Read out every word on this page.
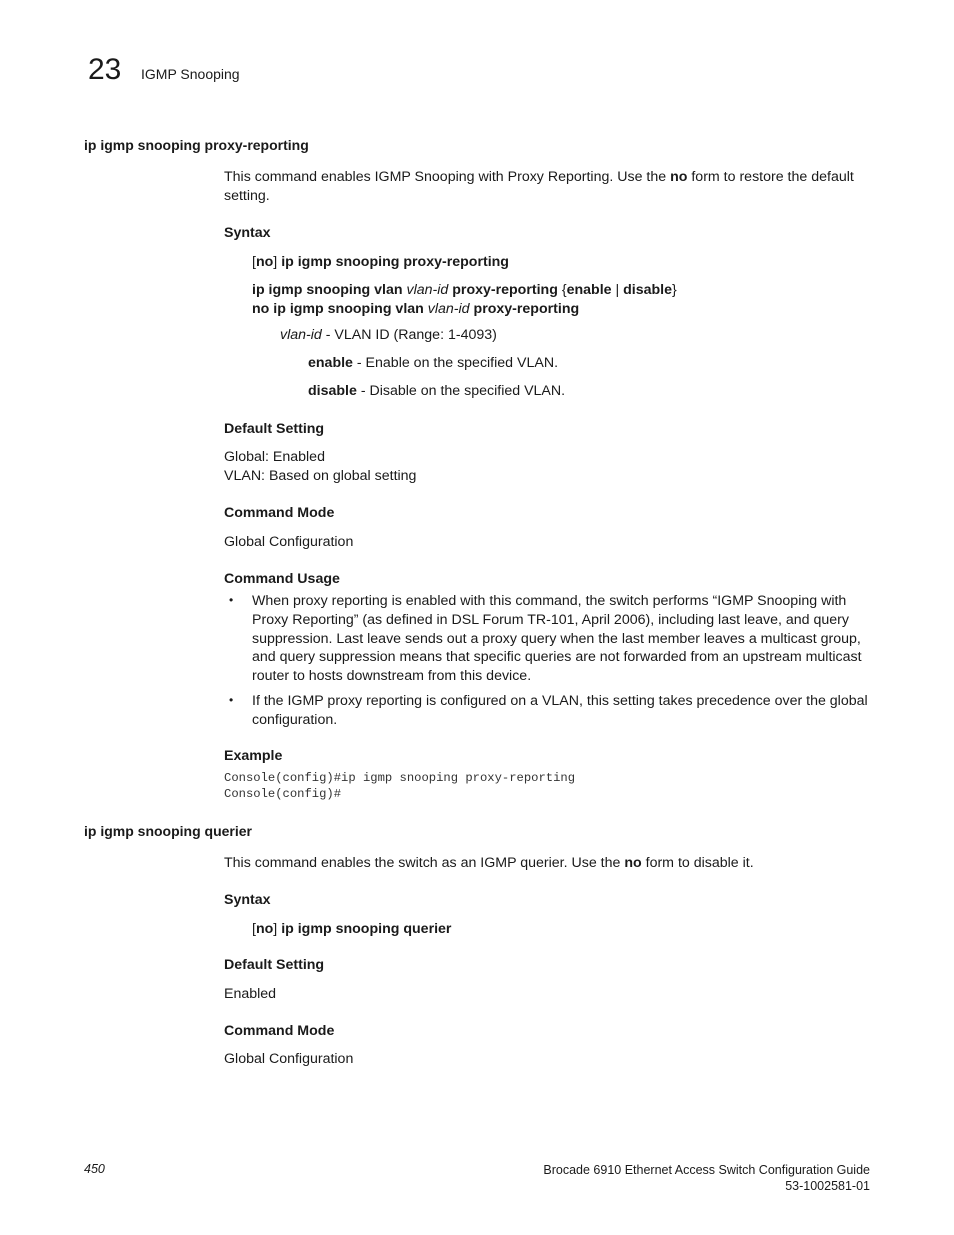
23 IGMP Snooping
ip igmp snooping proxy-reporting
This command enables IGMP Snooping with Proxy Reporting. Use the no form to restore the default
setting.
Syntax
[no] ip igmp snooping proxy-reporting
ip igmp snooping vlan vlan-id proxy-reporting {enable | disable}
no ip igmp snooping vlan vlan-id proxy-reporting
vlan-id - VLAN ID (Range: 1-4093)
enable - Enable on the specified VLAN.
disable - Disable on the specified VLAN.
Default Setting
Global: Enabled
VLAN: Based on global setting
Command Mode
Global Configuration
Command Usage
• When proxy reporting is enabled with this command, the switch performs “IGMP Snooping with Proxy Reporting” (as defined in DSL Forum TR-101, April 2006), including last leave, and query suppression. Last leave sends out a proxy query when the last member leaves a multicast group, and query suppression means that specific queries are not forwarded from an upstream multicast router to hosts downstream from this device.
• If the IGMP proxy reporting is configured on a VLAN, this setting takes precedence over the global configuration.
Example
Console(config)#ip igmp snooping proxy-reporting
Console(config)#
ip igmp snooping querier
This command enables the switch as an IGMP querier. Use the no form to disable it.
Syntax
[no] ip igmp snooping querier
Default Setting
Enabled
Command Mode
Global Configuration
450	Brocade 6910 Ethernet Access Switch Configuration Guide
53-1002581-01
